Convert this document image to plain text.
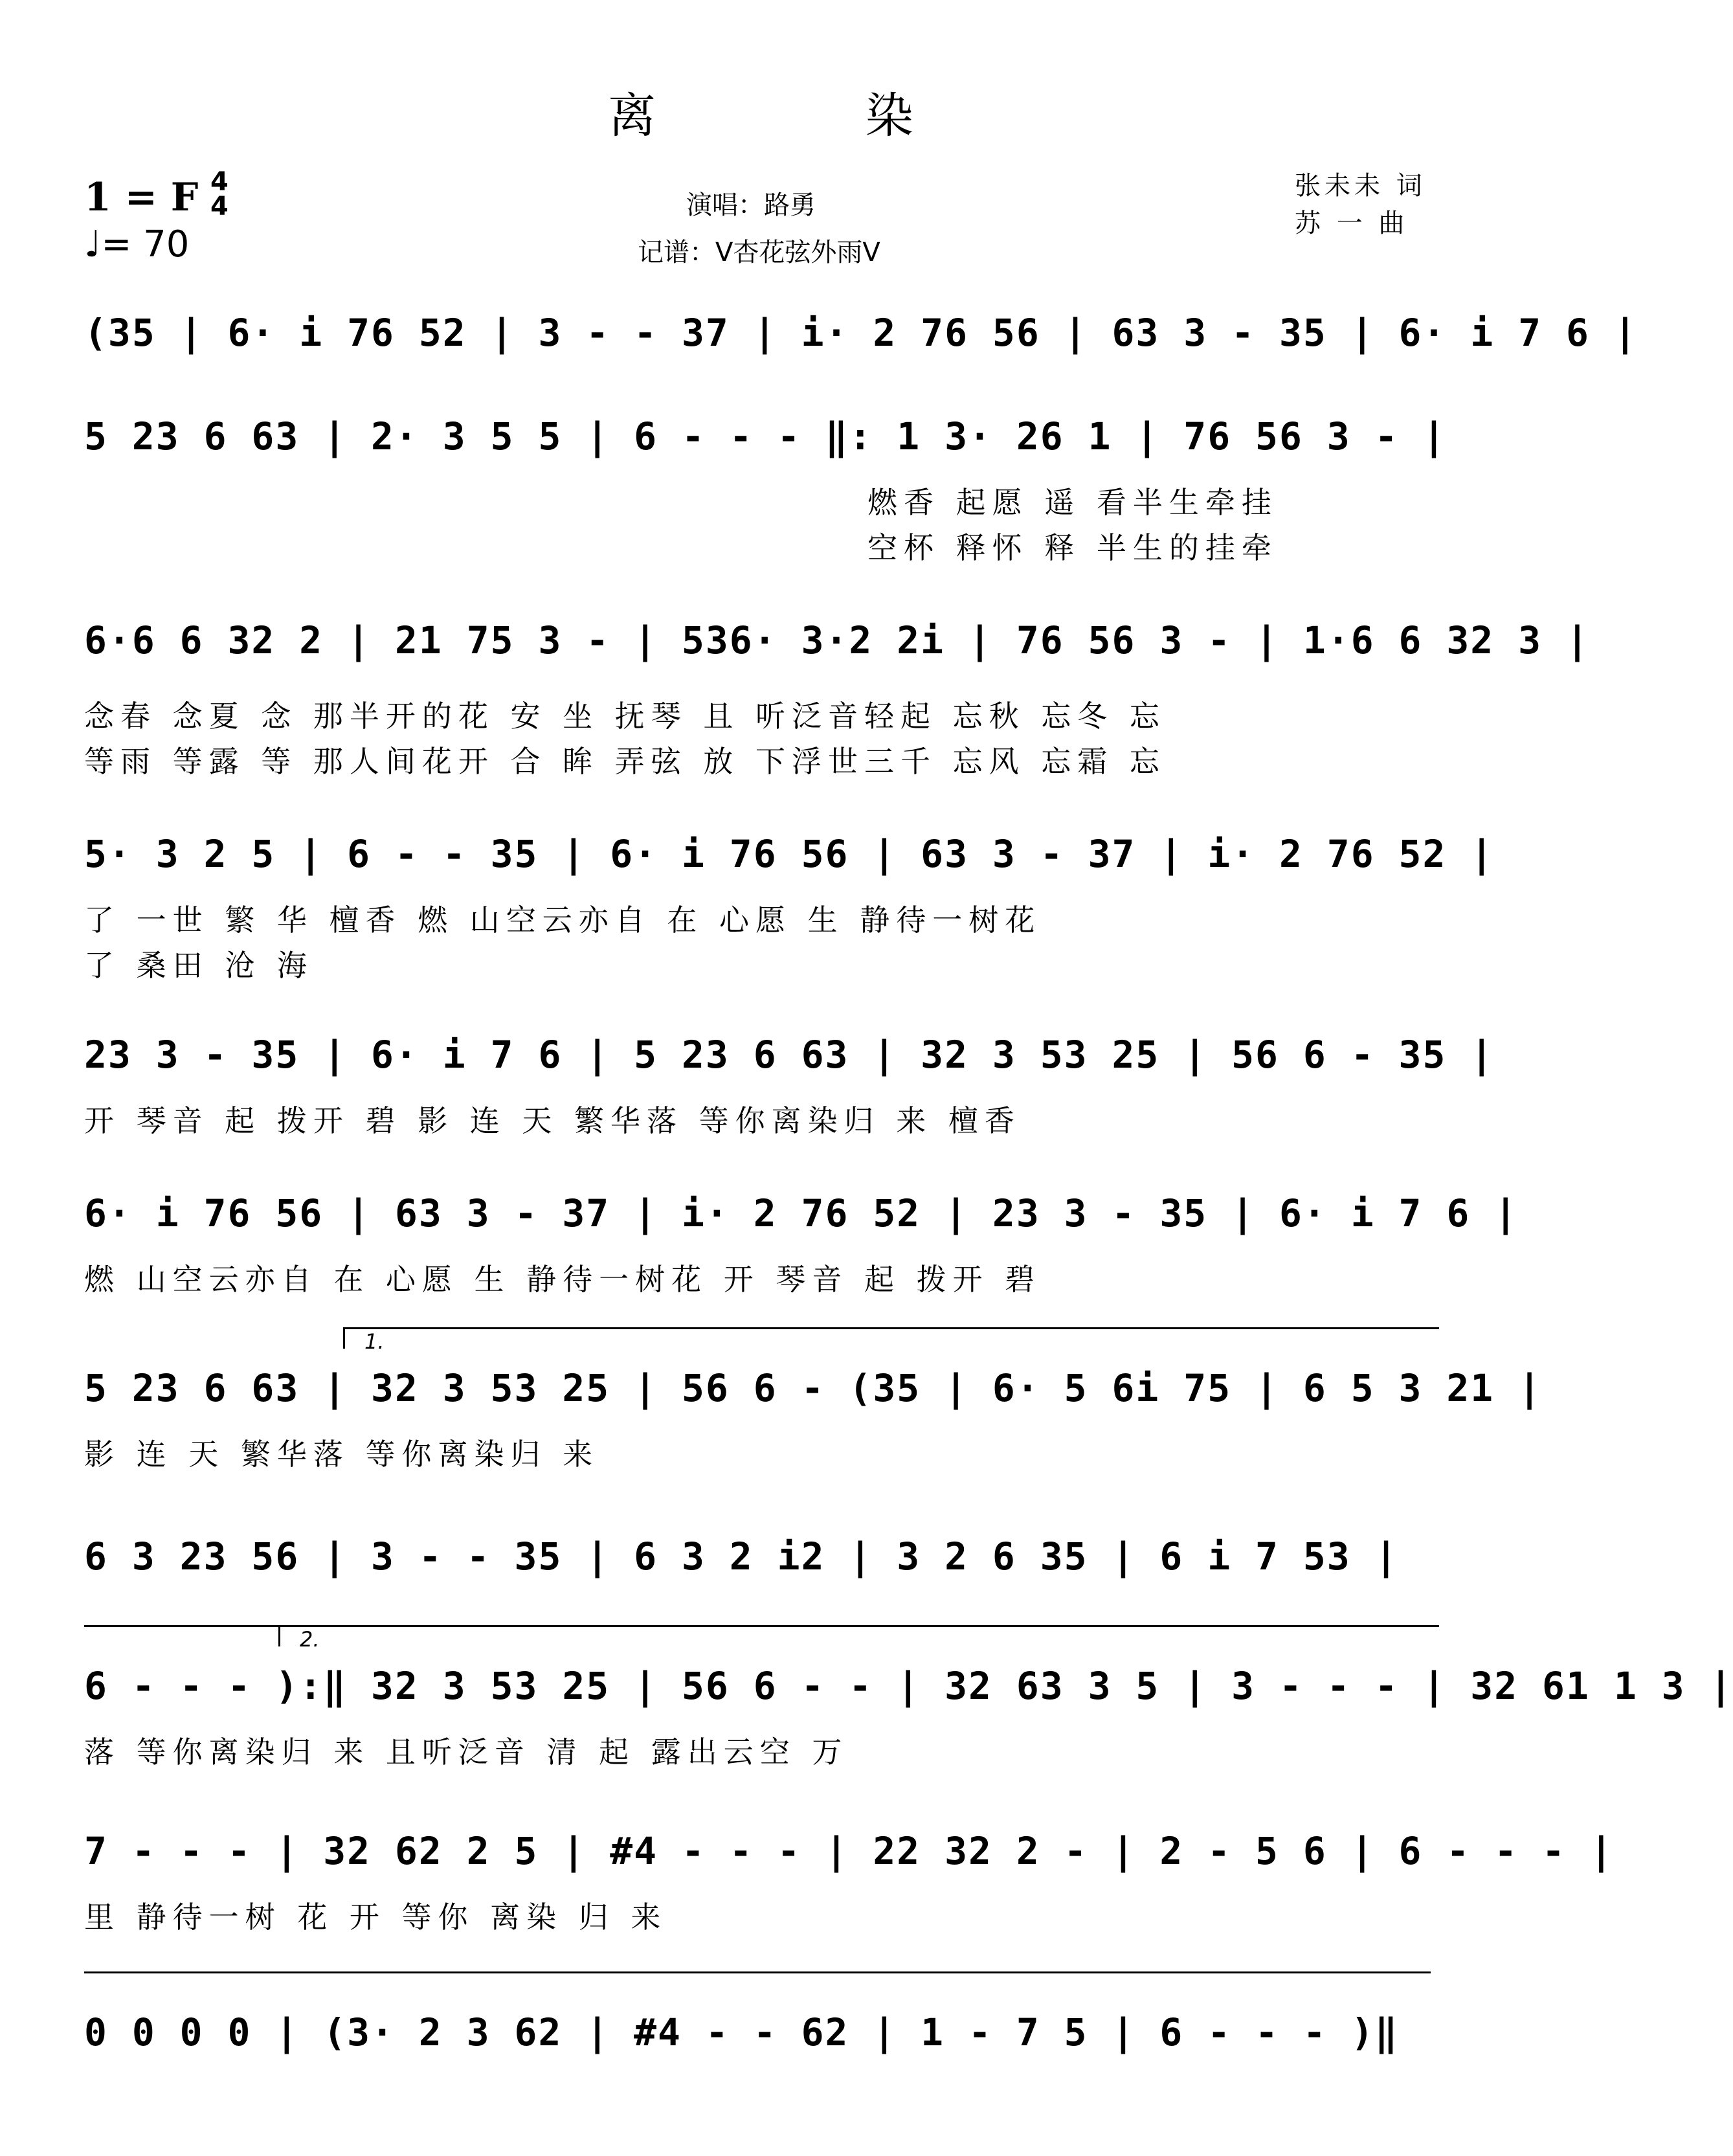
离 染
1 = F 4
4
♩= 70
演唱：路勇
记谱：V杏花弦外雨V
张未未 词
苏 一 曲
(35 | 6· i 76 52 | 3 - - 37 | i· 2 76 56 | 63 3 - 35 | 6· i 7 6 |
5 23 6 63 | 2· 3 5 5 | 6 - - - ‖: 1 3· 26 1 | 76 56 3 - |
燃香 起愿 遥 看半生牵挂
空杯 释怀 释 半生的挂牵
6·6 6 32 2 | 21 75 3 - | 536· 3·2 2i | 76 56 3 - | 1·6 6 32 3 |
念春 念夏 念 那半开的花 安 坐 抚琴 且 听泛音轻起 忘秋 忘冬 忘
等雨 等露 等 那人间花开 合 眸 弄弦 放 下浮世三千 忘风 忘霜 忘
5· 3 2 5 | 6 - - 35 | 6· i 76 56 | 63 3 - 37 | i· 2 76 52 |
了 一世 繁 华 檀香 燃 山空云亦自 在 心愿 生 静待一树花
了 桑田 沧 海
23 3 - 35 | 6· i 7 6 | 5 23 6 63 | 32 3 53 25 | 56 6 - 35 |
开 琴音 起 拨开 碧 影 连 天 繁华落 等你离染归 来 檀香
6· i 76 56 | 63 3 - 37 | i· 2 76 52 | 23 3 - 35 | 6· i 7 6 |
燃 山空云亦自 在 心愿 生 静待一树花 开 琴音 起 拨开 碧
1.
5 23 6 63 | 32 3 53 25 | 56 6 - (35 | 6· 5 6i 75 | 6 5 3 21 |
影 连 天 繁华落 等你离染归 来
6 3 23 56 | 3 - - 35 | 6 3 2 i2 | 3 2 6 35 | 6 i 7 53 |
2.
6 - - - ):‖ 32 3 53 25 | 56 6 - - | 32 63 3 5 | 3 - - - | 32 61 1 3 |
落 等你离染归 来 且听泛音 清 起 露出云空 万
7 - - - | 32 62 2 5 | #4 - - - | 22 32 2 - | 2 - 5 6 | 6 - - - |
里 静待一树 花 开 等你 离染 归 来
0 0 0 0 | (3· 2 3 62 | #4 - - 62 | 1 - 7 5 | 6 - - - )‖
